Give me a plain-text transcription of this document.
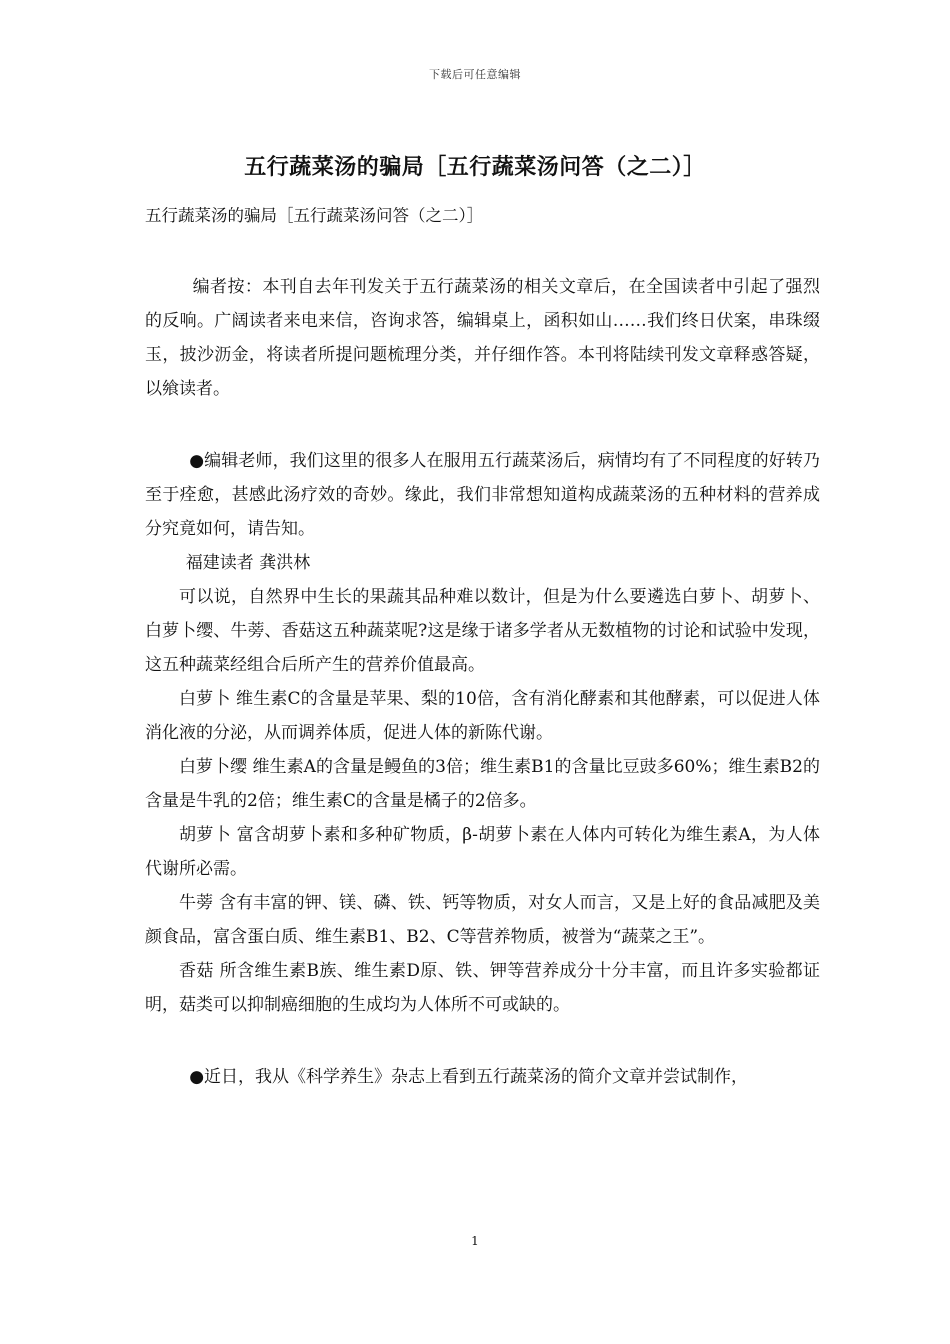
下载后可任意编辑
五行蔬菜汤的骗局［五行蔬菜汤问答（之二）］
五行蔬菜汤的骗局［五行蔬菜汤问答（之二）］

编者按：本刊自去年刊发关于五行蔬菜汤的相关文章后，在全国读者中引起了强烈的反响。广阔读者来电来信，咨询求答，编辑桌上，函积如山……我们终日伏案，串珠缀玉，披沙沥金，将读者所提问题梳理分类，并仔细作答。本刊将陆续刊发文章释惑答疑，以飨读者。

●编辑老师，我们这里的很多人在服用五行蔬菜汤后，病情均有了不同程度的好转乃至于痊愈，甚感此汤疗效的奇妙。缘此，我们非常想知道构成蔬菜汤的五种材料的营养成分究竟如何，请告知。

福建读者 龚洪林

可以说，自然界中生长的果蔬其品种难以数计，但是为什么要遴选白萝卜、胡萝卜、白萝卜缨、牛蒡、香菇这五种蔬菜呢?这是缘于诸多学者从无数植物的讨论和试验中发现，这五种蔬菜经组合后所产生的营养价值最高。

白萝卜 维生素C的含量是苹果、梨的10倍，含有消化酵素和其他酵素，可以促进人体消化液的分泌，从而调养体质，促进人体的新陈代谢。

白萝卜缨 维生素A的含量是鳗鱼的3倍；维生素B1的含量比豆豉多60%；维生素B2的含量是牛乳的2倍；维生素C的含量是橘子的2倍多。

胡萝卜 富含胡萝卜素和多种矿物质，β-胡萝卜素在人体内可转化为维生素A，为人体代谢所必需。

牛蒡 含有丰富的钾、镁、磷、铁、钙等物质，对女人而言，又是上好的食品减肥及美颜食品，富含蛋白质、维生素B1、B2、C等营养物质，被誉为“蔬菜之王”。

香菇 所含维生素B族、维生素D原、铁、钾等营养成分十分丰富，而且许多实验都证明，菇类可以抑制癌细胞的生成均为人体所不可或缺的。

●近日，我从《科学养生》杂志上看到五行蔬菜汤的简介文章并尝试制作，

1
